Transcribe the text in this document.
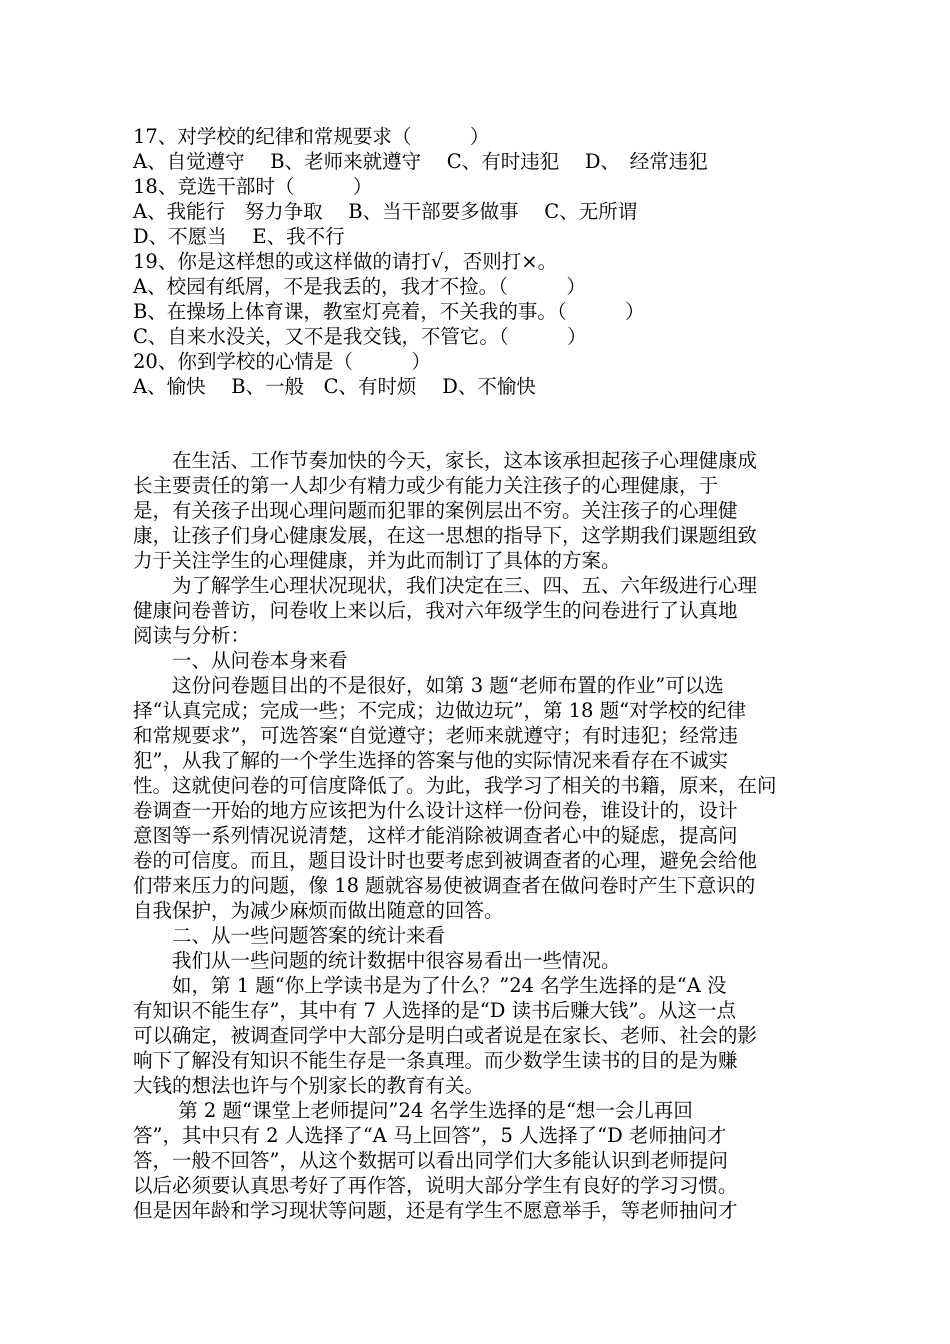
17、对学校的纪律和常规要求（　　　）
A、自觉遵守　 B、老师来就遵守　 C、有时违犯　 D、　经常违犯
18、竞选干部时（　　　）
A、我能行　努力争取　 B、当干部要多做事　 C、无所谓
D、不愿当　 E、我不行
19、你是这样想的或这样做的请打√，否则打×。
A、校园有纸屑，不是我丢的，我才不捡。（　　　）
B、在操场上体育课，教室灯亮着，不关我的事。（　　　）
C、自来水没关，又不是我交钱，不管它。（　　　）
20、你到学校的心情是（　　　）
A、愉快　 B、一般　C、有时烦　 D、不愉快
　　在生活、工作节奏加快的今天，家长，这本该承担起孩子心理健康成
长主要责任的第一人却少有精力或少有能力关注孩子的心理健康，于
是，有关孩子出现心理问题而犯罪的案例层出不穷。关注孩子的心理健
康，让孩子们身心健康发展，在这一思想的指导下，这学期我们课题组致
力于关注学生的心理健康，并为此而制订了具体的方案。
　　为了解学生心理状况现状，我们决定在三、四、五、六年级进行心理
健康问卷普访，问卷收上来以后，我对六年级学生的问卷进行了认真地
阅读与分析：
　　一、从问卷本身来看
　　这份问卷题目出的不是很好，如第 3 题“老师布置的作业”可以选
择“认真完成；完成一些；不完成；边做边玩”，第 18 题“对学校的纪律
和常规要求”，可选答案“自觉遵守；老师来就遵守；有时违犯；经常违
犯”，从我了解的一个学生选择的答案与他的实际情况来看存在不诚实
性。这就使问卷的可信度降低了。为此，我学习了相关的书籍，原来，在问
卷调查一开始的地方应该把为什么设计这样一份问卷，谁设计的，设计
意图等一系列情况说清楚，这样才能消除被调查者心中的疑虑，提高问
卷的可信度。而且，题目设计时也要考虑到被调查者的心理，避免会给他
们带来压力的问题，像 18 题就容易使被调查者在做问卷时产生下意识的
自我保护，为减少麻烦而做出随意的回答。
　　二、从一些问题答案的统计来看
　　我们从一些问题的统计数据中很容易看出一些情况。
　　如，第 1 题“你上学读书是为了什么？”24 名学生选择的是“A 没
有知识不能生存”，其中有 7 人选择的是“D 读书后赚大钱”。从这一点
可以确定，被调查同学中大部分是明白或者说是在家长、老师、社会的影
响下了解没有知识不能生存是一条真理。而少数学生读书的目的是为赚
大钱的想法也许与个别家长的教育有关。
　　 第 2 题“课堂上老师提问”24 名学生选择的是“想一会儿再回
答”，其中只有 2 人选择了“A 马上回答”，5 人选择了“D 老师抽问才
答，一般不回答”，从这个数据可以看出同学们大多能认识到老师提问
以后必须要认真思考好了再作答，说明大部分学生有良好的学习习惯。
但是因年龄和学习现状等问题，还是有学生不愿意举手，等老师抽问才
